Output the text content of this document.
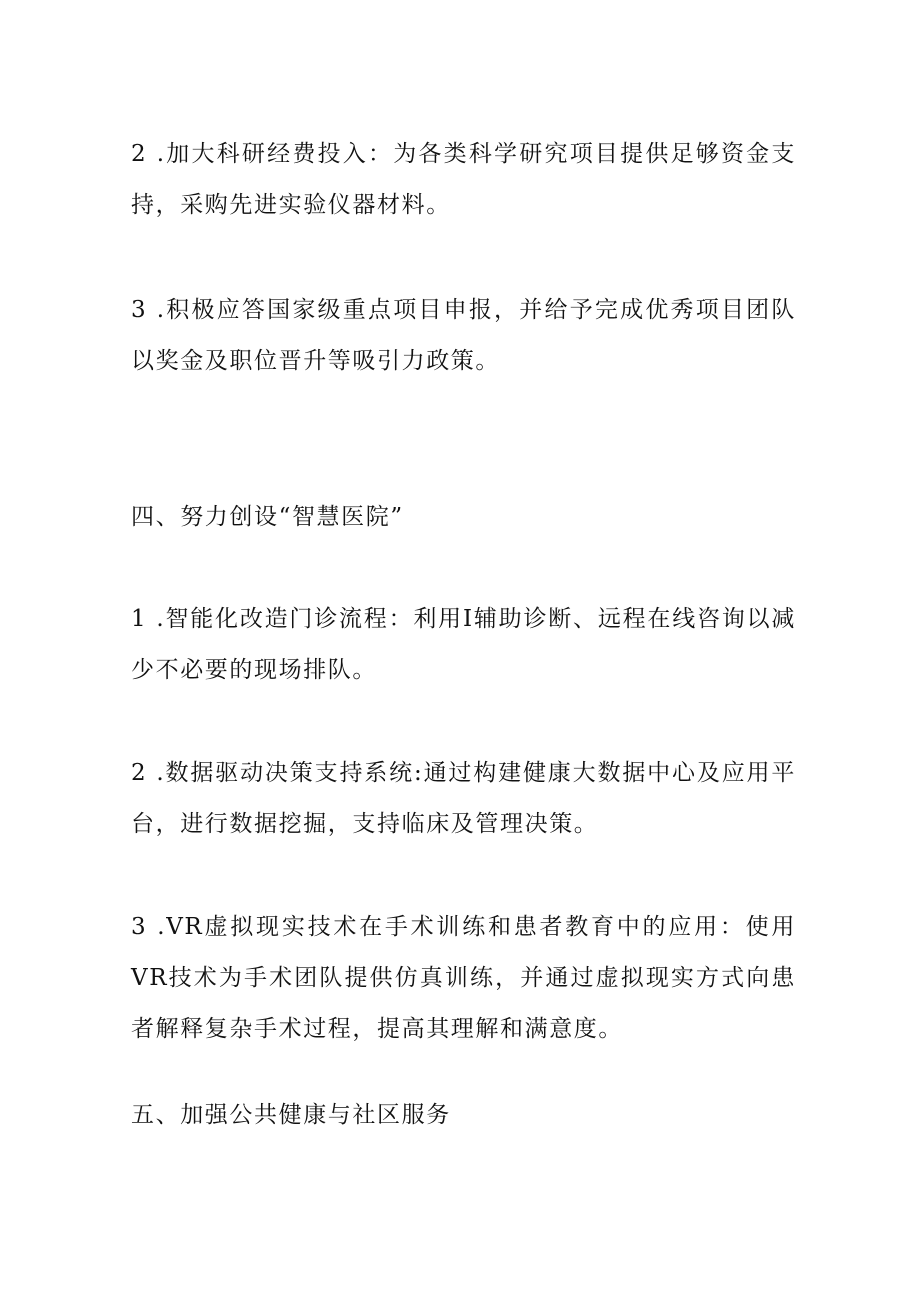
2 .加大科研经费投入：为各类科学研究项目提供足够资金支持，采购先进实验仪器材料。

3 .积极应答国家级重点项目申报，并给予完成优秀项目团队以奖金及职位晋升等吸引力政策。

四、努力创设“智慧医院”

1 .智能化改造门诊流程：利用I辅助诊断、远程在线咨询以减少不必要的现场排队。

2 .数据驱动决策支持系统:通过构建健康大数据中心及应用平台，进行数据挖掘，支持临床及管理决策。

3 .VR虚拟现实技术在手术训练和患者教育中的应用：使用VR技术为手术团队提供仿真训练，并通过虚拟现实方式向患者解释复杂手术过程，提高其理解和满意度。

五、加强公共健康与社区服务
